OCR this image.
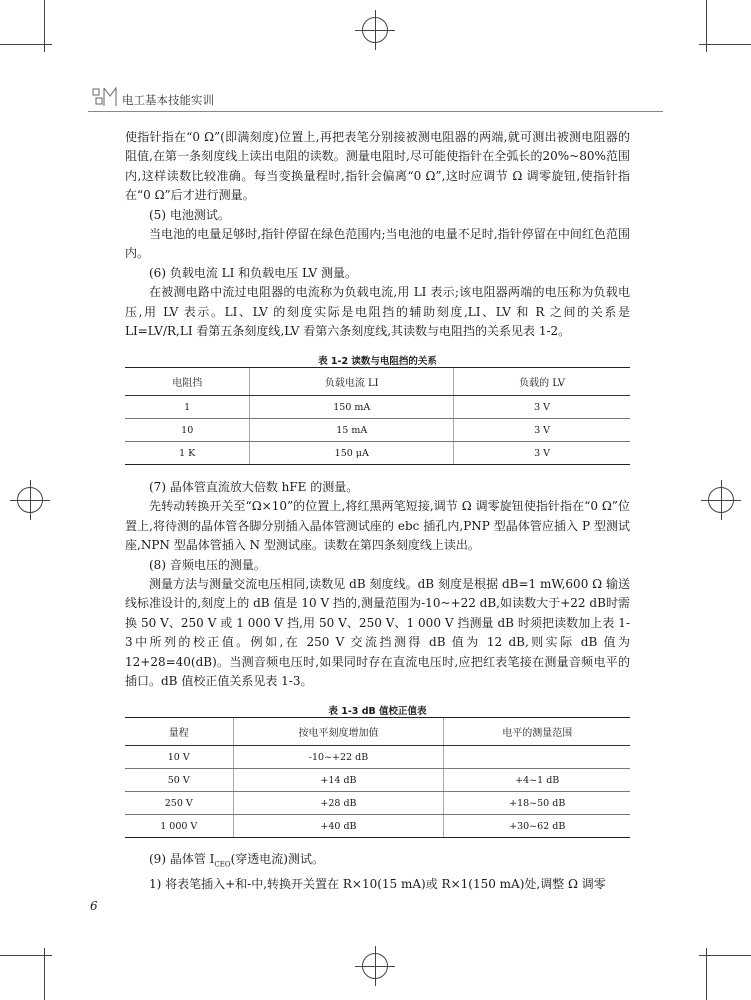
电工基本技能实训

使指针指在“0 Ω”(即满刻度)位置上,再把表笔分别接被测电阻器的两端,就可测出被测电阻器的阻值,在第一条刻度线上读出电阻的读数。测量电阻时,尽可能使指针在全弧长的20%~80%范围内,这样读数比较准确。每当变换量程时,指针会偏离“0 Ω”,这时应调节 Ω 调零旋钮,使指针指在“0 Ω”后才进行测量。

(5) 电池测试。

当电池的电量足够时,指针停留在绿色范围内;当电池的电量不足时,指针停留在中间红色范围内。

(6) 负载电流 LI 和负载电压 LV 测量。

在被测电路中流过电阻器的电流称为负载电流,用 LI 表示;该电阻器两端的电压称为负载电压,用 LV 表示。LI、LV 的刻度实际是电阻挡的辅助刻度,LI、LV 和 R 之间的关系是LI=LV/R,LI 看第五条刻度线,LV 看第六条刻度线,其读数与电阻挡的关系见表 1-2。

表 1-2 读数与电阻挡的关系
电阻挡	负载电流 LI	负载的 LV
1	150 mA	3 V
10	15 mA	3 V
1 K	150 μA	3 V

(7) 晶体管直流放大倍数 hFE 的测量。

先转动转换开关至“Ω×10”的位置上,将红黑两笔短接,调节 Ω 调零旋钮使指针指在“0 Ω”位置上,将待测的晶体管各脚分别插入晶体管测试座的 ebc 插孔内,PNP 型晶体管应插入 P 型测试座,NPN 型晶体管插入 N 型测试座。读数在第四条刻度线上读出。

(8) 音频电压的测量。

测量方法与测量交流电压相同,读数见 dB 刻度线。dB 刻度是根据 dB=1 mW,600 Ω 输送线标准设计的,刻度上的 dB 值是 10 V 挡的,测量范围为-10~+22 dB,如读数大于+22 dB时需换 50 V、250 V 或 1 000 V 挡,用 50 V、250 V、1 000 V 挡测量 dB 时须把读数加上表 1-3中所列的校正值。例如,在 250 V 交流挡测得 dB 值为 12 dB,则实际 dB 值为 12+28=40(dB)。当测音频电压时,如果同时存在直流电压时,应把红表笔接在测量音频电平的插口。dB 值校正值关系见表 1-3。

表 1-3 dB 值校正值表
量程	按电平刻度增加值	电平的测量范围
10 V	-10~+22 dB	
50 V	+14 dB	+4~1 dB
250 V	+28 dB	+18~50 dB
1 000 V	+40 dB	+30~62 dB

(9) 晶体管 $I_{CEO}$(穿透电流)测试。

1) 将表笔插入+和-中,转换开关置在 R×10(15 mA)或 R×1(150 mA)处,调整 Ω 调零

6
